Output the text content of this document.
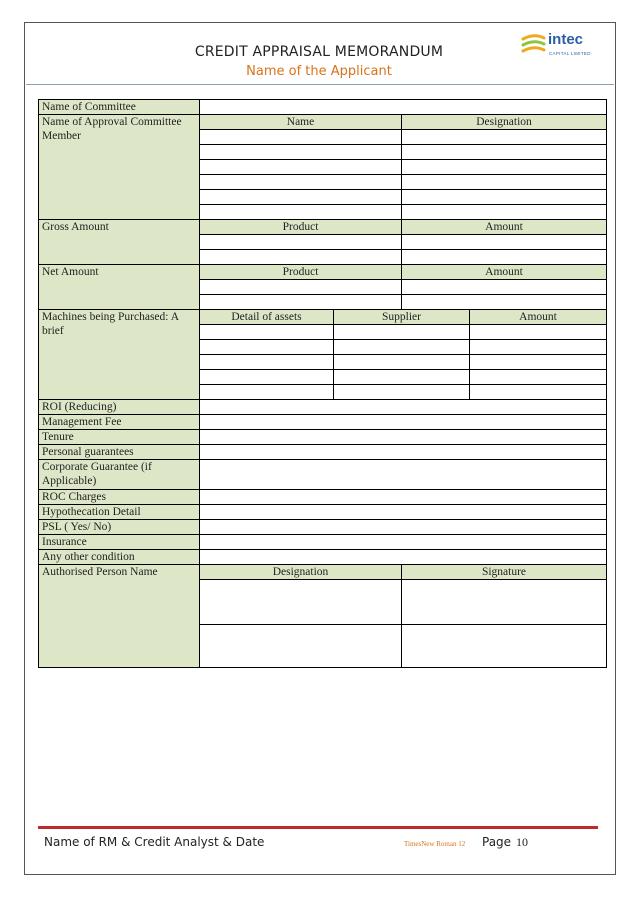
CREDIT APPRAISAL MEMORANDUM
Name of the Applicant
intec
CAPITAL LIMITED
Name of Committee				
Name of Approval Committee Member	Name		Designation	

Gross Amount	Product		Amount	

Net Amount	Product		Amount	

Machines being Purchased: A brief	Detail of assets	Supplier		Amount

ROI (Reducing)				
Management Fee				
Tenure				
Personal guarantees				
Corporate Guarantee (if Applicable)				
ROC Charges				
Hypothecation Detail				
PSL ( Yes/ No)				
Insurance				
Any other condition				
Authorised Person Name	Designation		Signature	

Name of RM & Credit Analyst & Date	TimesNew Roman 12 Page 10
